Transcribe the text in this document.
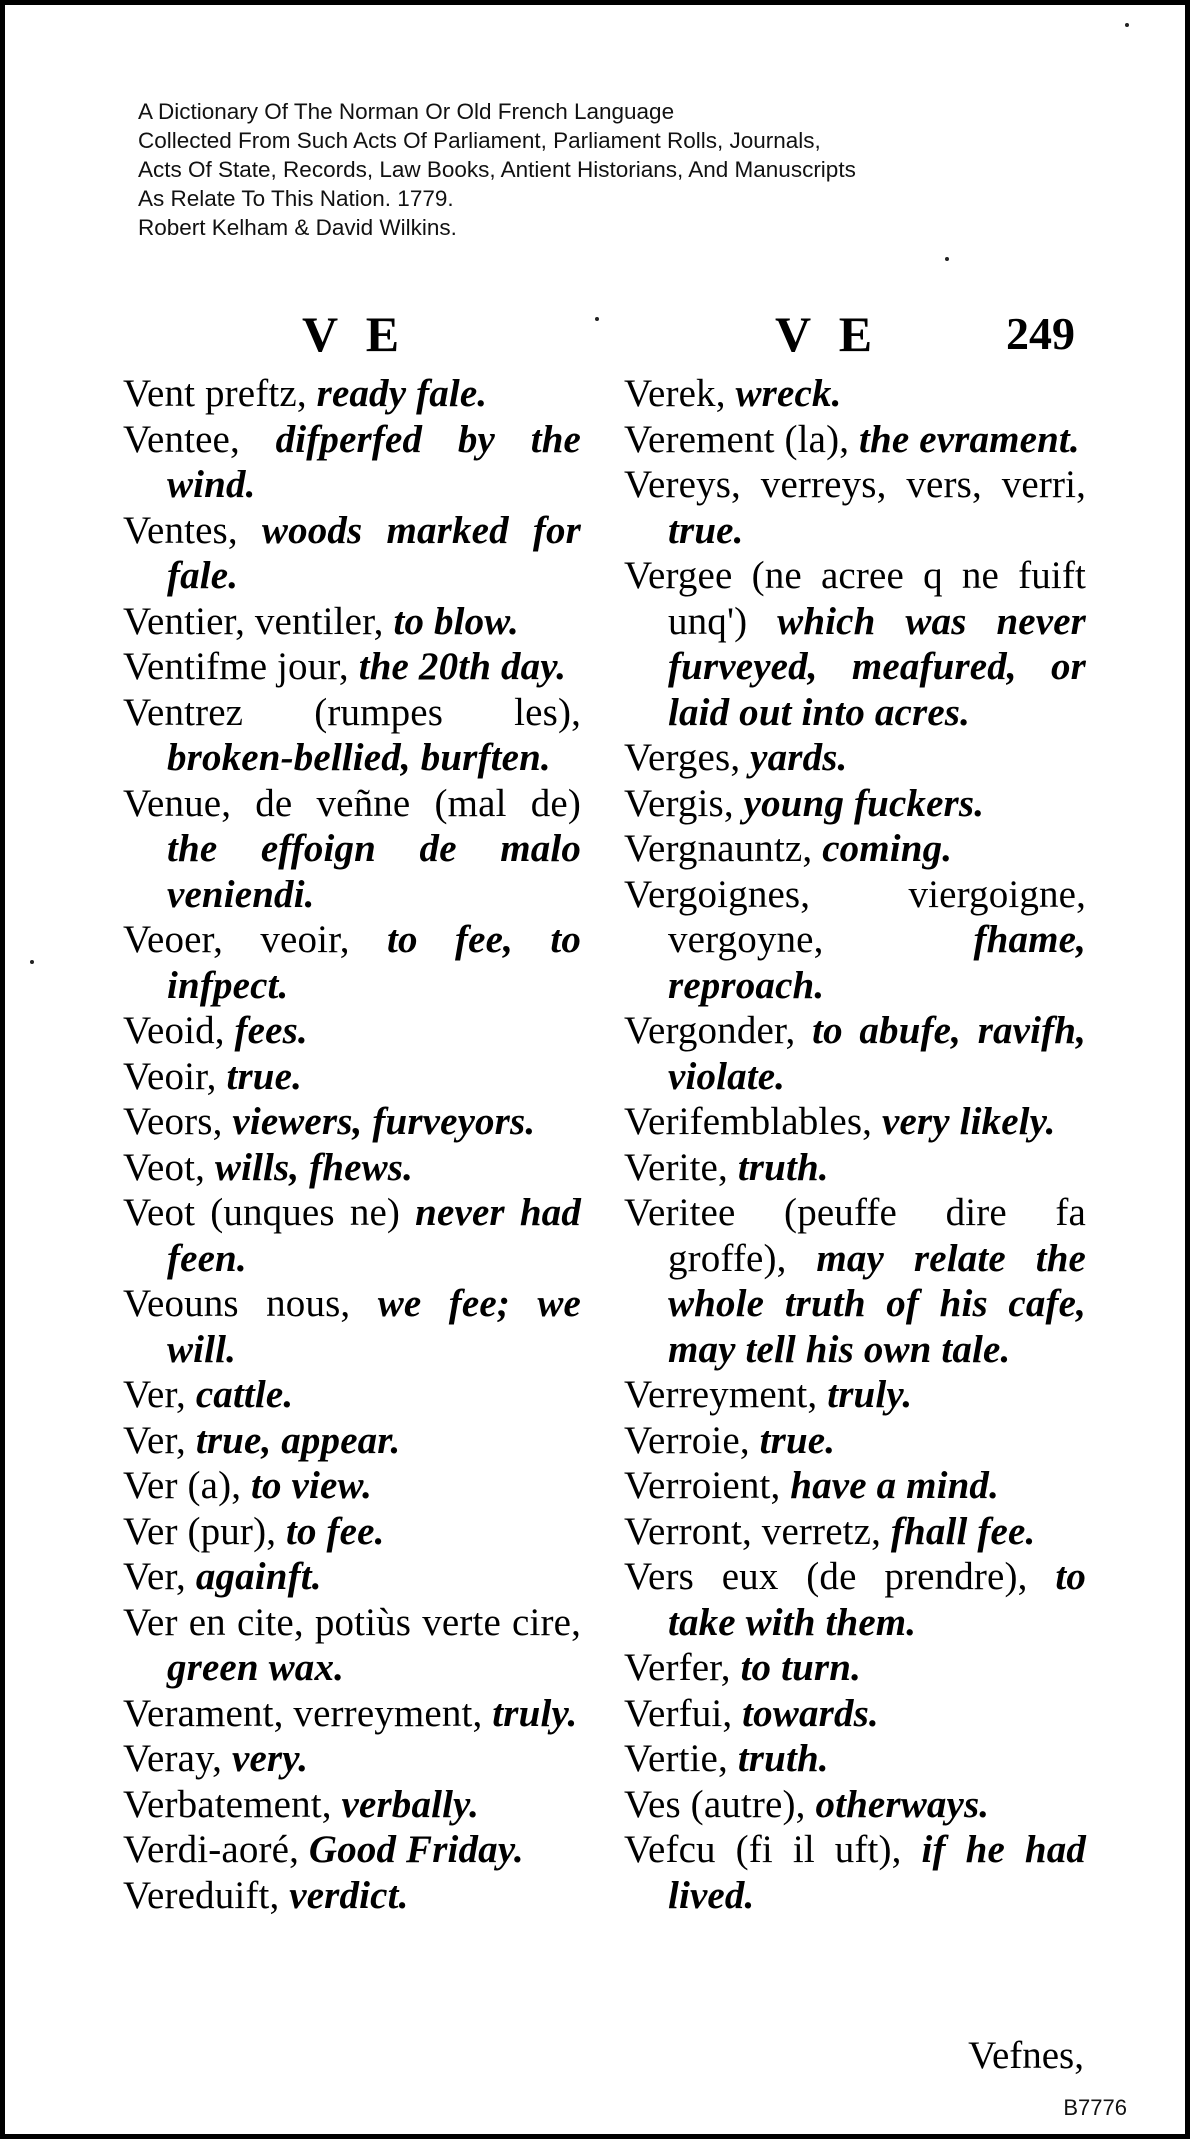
A Dictionary Of The Norman Or Old French Language
Collected From Such Acts Of Parliament, Parliament Rolls, Journals,
Acts Of State, Records, Law Books, Antient Historians, And Manuscripts
As Relate To This Nation. 1779.
Robert Kelham & David Wilkins.
V E	V E	249

Vent preftz, ready fale.

Ventee, difperfed by the wind.

Ventes, woods marked for fale.

Ventier, ventiler, to blow.

Ventifme jour, the 20th day.

Ventrez (rumpes les), broken-bellied, burften.

Venue, de veñne (mal de) the effoign de malo veniendi.

Veoer, veoir, to fee, to infpect.

Veoid, fees.

Veoir, true.

Veors, viewers, furveyors.

Veot, wills, fhews.

Veot (unques ne) never had feen.

Veouns nous, we fee; we will.

Ver, cattle.

Ver, true, appear.

Ver (a), to view.

Ver (pur), to fee.

Ver, againft.

Ver en cite, potiùs verte cire, green wax.

Verament, verreyment, truly.

Veray, very.

Verbatement, verbally.

Verdi-aoré, Good Friday.

Vereduift, verdict.

Verek, wreck.

Verement (la), the evrament.

Vereys, verreys, vers, verri, true.

Vergee (ne acree q ne fuift unq') which was never furveyed, meafured, or laid out into acres.

Verges, yards.

Vergis, young fuckers.

Vergnauntz, coming.

Vergoignes, viergoigne, vergoyne, fhame, reproach.

Vergonder, to abufe, ravifh, violate.

Verifemblables, very likely.

Verite, truth.

Veritee (peuffe dire fa groffe), may relate the whole truth of his cafe, may tell his own tale.

Verreyment, truly.

Verroie, true.

Verroient, have a mind.

Verront, verretz, fhall fee.

Vers eux (de prendre), to take with them.

Verfer, to turn.

Verfui, towards.

Vertie, truth.

Ves (autre), otherways.

Vefcu (fi il uft), if he had lived.

Vefnes,
B7776
